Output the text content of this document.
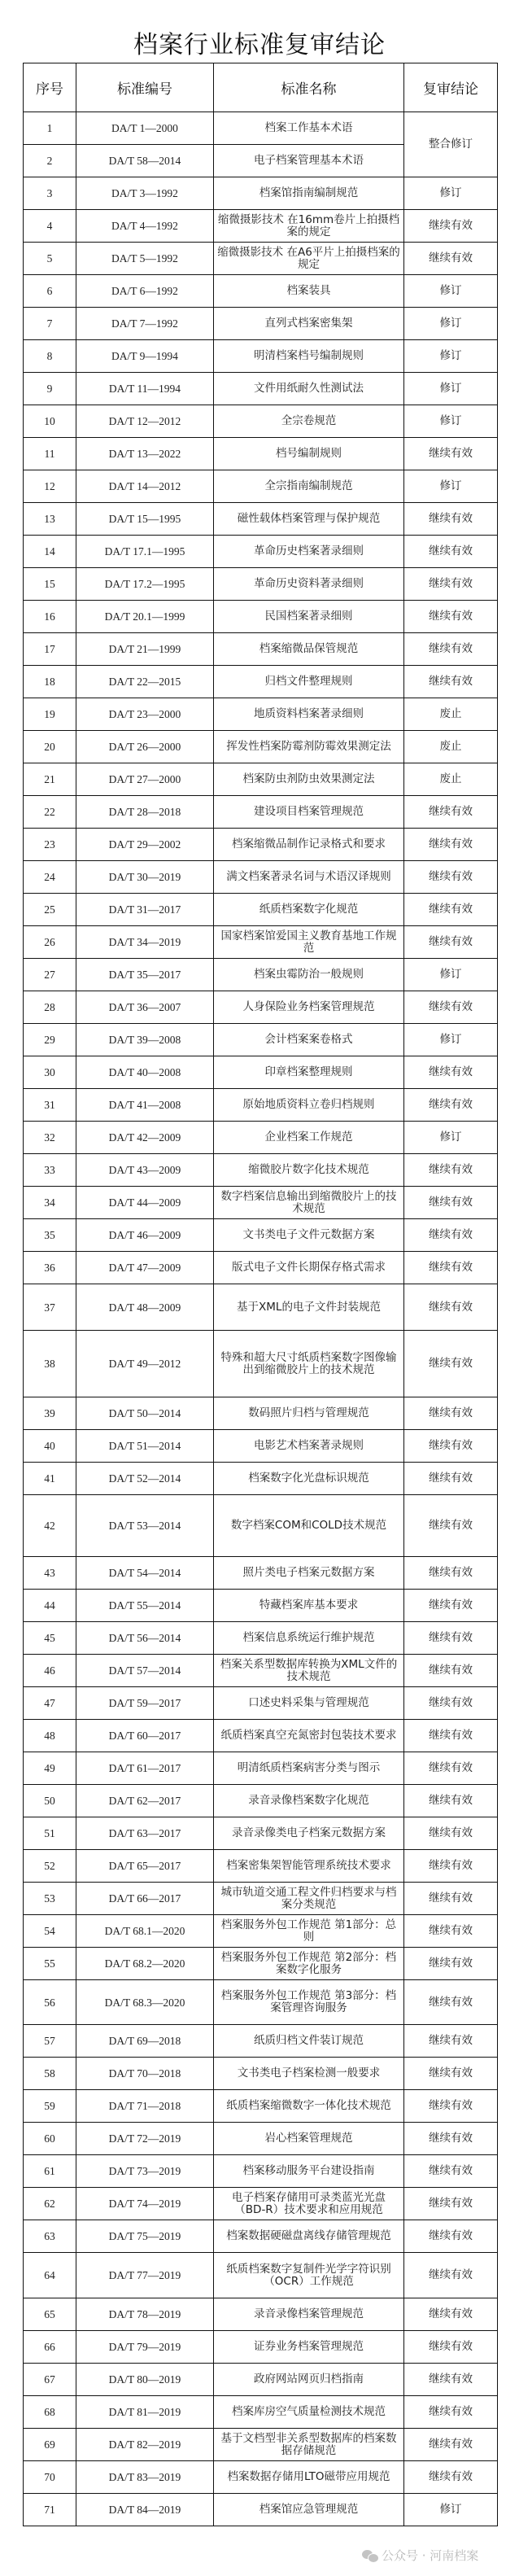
档案行业标准复审结论
序号	标准编号	标准名称	复审结论
1	DA/T 1—2000	档案工作基本术语	整合修订
2	DA/T 58—2014	电子档案管理基本术语	
3	DA/T 3—1992	档案馆指南编制规范	修订
4	DA/T 4—1992	缩微摄影技术 在16mm卷片上拍摄档案的规定	继续有效
5	DA/T 5—1992	缩微摄影技术 在A6平片上拍摄档案的规定	继续有效
6	DA/T 6—1992	档案装具	修订
7	DA/T 7—1992	直列式档案密集架	修订
8	DA/T 9—1994	明清档案档号编制规则	修订
9	DA/T 11—1994	文件用纸耐久性测试法	修订
10	DA/T 12—2012	全宗卷规范	修订
11	DA/T 13—2022	档号编制规则	继续有效
12	DA/T 14—2012	全宗指南编制规范	修订
13	DA/T 15—1995	磁性载体档案管理与保护规范	继续有效
14	DA/T 17.1—1995	革命历史档案著录细则	继续有效
15	DA/T 17.2—1995	革命历史资料著录细则	继续有效
16	DA/T 20.1—1999	民国档案著录细则	继续有效
17	DA/T 21—1999	档案缩微品保管规范	继续有效
18	DA/T 22—2015	归档文件整理规则	继续有效
19	DA/T 23—2000	地质资料档案著录细则	废止
20	DA/T 26—2000	挥发性档案防霉剂防霉效果测定法	废止
21	DA/T 27—2000	档案防虫剂防虫效果测定法	废止
22	DA/T 28—2018	建设项目档案管理规范	继续有效
23	DA/T 29—2002	档案缩微品制作记录格式和要求	继续有效
24	DA/T 30—2019	满文档案著录名词与术语汉译规则	继续有效
25	DA/T 31—2017	纸质档案数字化规范	继续有效
26	DA/T 34—2019	国家档案馆爱国主义教育基地工作规范	继续有效
27	DA/T 35—2017	档案虫霉防治一般规则	修订
28	DA/T 36—2007	人身保险业务档案管理规范	继续有效
29	DA/T 39—2008	会计档案案卷格式	修订
30	DA/T 40—2008	印章档案整理规则	继续有效
31	DA/T 41—2008	原始地质资料立卷归档规则	继续有效
32	DA/T 42—2009	企业档案工作规范	修订
33	DA/T 43—2009	缩微胶片数字化技术规范	继续有效
34	DA/T 44—2009	数字档案信息输出到缩微胶片上的技术规范	继续有效
35	DA/T 46—2009	文书类电子文件元数据方案	继续有效
36	DA/T 47—2009	版式电子文件长期保存格式需求	继续有效
37	DA/T 48—2009	基于XML的电子文件封装规范	继续有效
38	DA/T 49—2012	特殊和超大尺寸纸质档案数字图像输出到缩微胶片上的技术规范	继续有效
39	DA/T 50—2014	数码照片归档与管理规范	继续有效
40	DA/T 51—2014	电影艺术档案著录规则	继续有效
41	DA/T 52—2014	档案数字化光盘标识规范	继续有效
42	DA/T 53—2014	数字档案COM和COLD技术规范	继续有效
43	DA/T 54—2014	照片类电子档案元数据方案	继续有效
44	DA/T 55—2014	特藏档案库基本要求	继续有效
45	DA/T 56—2014	档案信息系统运行维护规范	继续有效
46	DA/T 57—2014	档案关系型数据库转换为XML文件的技术规范	继续有效
47	DA/T 59—2017	口述史料采集与管理规范	继续有效
48	DA/T 60—2017	纸质档案真空充氮密封包装技术要求	继续有效
49	DA/T 61—2017	明清纸质档案病害分类与图示	继续有效
50	DA/T 62—2017	录音录像档案数字化规范	继续有效
51	DA/T 63—2017	录音录像类电子档案元数据方案	继续有效
52	DA/T 65—2017	档案密集架智能管理系统技术要求	继续有效
53	DA/T 66—2017	城市轨道交通工程文件归档要求与档案分类规范	继续有效
54	DA/T 68.1—2020	档案服务外包工作规范 第1部分：总则	继续有效
55	DA/T 68.2—2020	档案服务外包工作规范 第2部分：档案数字化服务	继续有效
56	DA/T 68.3—2020	档案服务外包工作规范 第3部分：档案管理咨询服务	继续有效
57	DA/T 69—2018	纸质归档文件装订规范	继续有效
58	DA/T 70—2018	文书类电子档案检测一般要求	继续有效
59	DA/T 71—2018	纸质档案缩微数字一体化技术规范	继续有效
60	DA/T 72—2019	岩心档案管理规范	继续有效
61	DA/T 73—2019	档案移动服务平台建设指南	继续有效
62	DA/T 74—2019	电子档案存储用可录类蓝光光盘（BD-R）技术要求和应用规范	继续有效
63	DA/T 75—2019	档案数据硬磁盘离线存储管理规范	继续有效
64	DA/T 77—2019	纸质档案数字复制件光学字符识别（OCR）工作规范	继续有效
65	DA/T 78—2019	录音录像档案管理规范	继续有效
66	DA/T 79—2019	证券业务档案管理规范	继续有效
67	DA/T 80—2019	政府网站网页归档指南	继续有效
68	DA/T 81—2019	档案库房空气质量检测技术规范	继续有效
69	DA/T 82—2019	基于文档型非关系型数据库的档案数据存储规范	继续有效
70	DA/T 83—2019	档案数据存储用LTO磁带应用规范	继续有效
71	DA/T 84—2019	档案馆应急管理规范	修订
公众号 · 河南档案
